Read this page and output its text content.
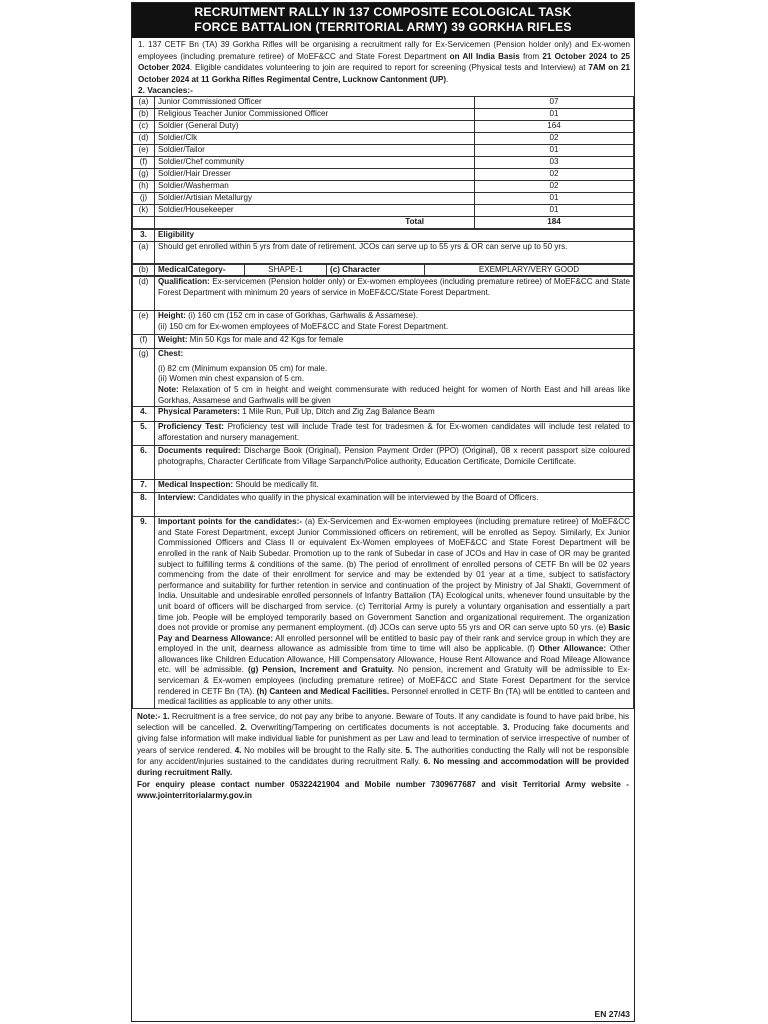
RECRUITMENT RALLY IN 137 COMPOSITE ECOLOGICAL TASK
FORCE BATTALION (TERRITORIAL ARMY) 39 GORKHA RIFLES
1. 137 CETF Bn (TA) 39 Gorkha Rifles will be organising a recruitment rally for Ex-Servicemen (Pension holder only) and Ex-women employees (including premature retiree) of MoEF&CC and State Forest Department on All India Basis from 21 October 2024 to 25 October 2024. Eligible candidates volunteering to join are required to report for screening (Physical tests and Interview) at 7AM on 21 October 2024 at 11 Gorkha Rifles Regimental Centre, Lucknow Cantonment (UP).
2. Vacancies:-
(a)	Junior Commissioned Officer	07
(b)	Religious Teacher Junior Commissioned Officer	01
(c)	Soldier (General Duty)	164
(d)	Soldier/Clk	02
(e)	Soldier/Tailor	01
(f)	Soldier/Chef community	03
(g)	Soldier/Hair Dresser	02
(h)	Soldier/Washerman	02
(j)	Soldier/Artisian Metallurgy	01
(k)	Soldier/Housekeeper	01
	Total	184
3.	Eligibility
(a)	Should get enrolled within 5 yrs from date of retirement. JCOs can serve up to 55 yrs & OR can serve up to 50 yrs.
(b)	MedicalCategory-	SHAPE-1	(c) Character	EXEMPLARY/VERY GOOD
(d)	Qualification: Ex-servicemen (Pension holder only) or Ex-women employees (including premature retiree) of MoEF&CC and State Forest Department with minimum 20 years of service in MoEF&CC/State Forest Department.
(e)	Height: (i) 160 cm (152 cm in case of Gorkhas, Garhwalis & Assamese).
(ii) 150 cm for Ex-women employees of MoEF&CC and State Forest Department.
(f)	Weight: Min 50 Kgs for male and 42 Kgs for female
(g)	Chest:
(i) 82 cm (Minimum expansion 05 cm) for male.
(ii) Women min chest expansion of 5 cm.
Note: Relaxation of 5 cm in height and weight commensurate with reduced height for women of North East and hill areas like Gorkhas, Assamese and Garhwalis will be given

4.	Physical Parameters: 1 Mile Run, Pull Up, Ditch and Zig Zag Balance Beam
5.	Proficiency Test: Proficiency test will include Trade test for tradesmen & for Ex-women candidates will include test related to afforestation and nursery management.
6.	Documents required: Discharge Book (Original), Pension Payment Order (PPO) (Original), 08 x recent passport size coloured photographs, Character Certificate from Village Sarpanch/Police authority, Education Certificate, Domicile Certificate.
7.	Medical Inspection: Should be medically fit.
8.	Interview: Candidates who qualify in the physical examination will be interviewed by the Board of Officers.
9.	Important points for the candidates:- (a) Ex-Servicemen and Ex-women employees (including premature retiree) of MoEF&CC and State Forest Department, except Junior Commissioned officers on retirement, will be enrolled as Sepoy. Similarly, Ex Junior Commissioned Officers and Class II or equivalent Ex-Women employees of MoEF&CC and State Forest Department will be enrolled in the rank of Naib Subedar. Promotion up to the rank of Subedar in case of JCOs and Hav in case of OR may be granted subject to fulfilling terms & conditions of the same. (b) The period of enrollment of enrolled persons of CETF Bn will be 02 years commencing from the date of their enrollment for service and may be extended by 01 year at a time, subject to satisfactory performance and suitability for further retention in service and continuation of the project by Ministry of Jal Shakti, Government of India. Unsuitable and undesirable enrolled personnels of Infantry Battalion (TA) Ecological units, whenever found unsuitable by the unit board of officers will be discharged from service. (c) Territorial Army is purely a voluntary organisation and essentially a part time job. People will be employed temporarily based on Government Sanction and organizational requirement. The organization does not provide or promise any permanent employment. (d) JCOs can serve upto 55 yrs and OR can serve upto 50 yrs. (e) Basic Pay and Dearness Allowance: All enrolled personnel will be entitled to basic pay of their rank and service group in which they are employed in the unit, dearness allowance as admissible from time to time will also be applicable. (f) Other Allowance: Other allowances like Children Education Allowance, Hill Compensatory Allowance, House Rent Allowance and Road Mileage Allowance etc. will be admissible. (g) Pension, Increment and Gratuity. No pension, increment and Gratuity will be admissible to Ex-serviceman & Ex-women employees (including premature retiree) of MoEF&CC and State Forest Department for the service rendered in CETF Bn (TA). (h) Canteen and Medical Facilities. Personnel enrolled in CETF Bn (TA) will be entitled to canteen and medical facilities as applicable to any other units.
Note:- 1. Recruitment is a free service, do not pay any bribe to anyone. Beware of Touts. If any candidate is found to have paid bribe, his selection will be cancelled. 2. Overwriting/Tampering on certificates documents is not acceptable. 3. Producing fake documents and giving false information will make individual liable for punishment as per Law and lead to termination of service irrespective of number of years of service rendered. 4. No mobiles will be brought to the Rally site. 5. The authorities conducting the Rally will not be responsible for any accident/injuries sustained to the candidates during recruitment Rally. 6. No messing and accommodation will be provided during recruitment Rally.
For enquiry please contact number 05322421904 and Mobile number 7309677687 and visit Territorial Army website - www.jointerritorialarmy.gov.in
EN 27/43
